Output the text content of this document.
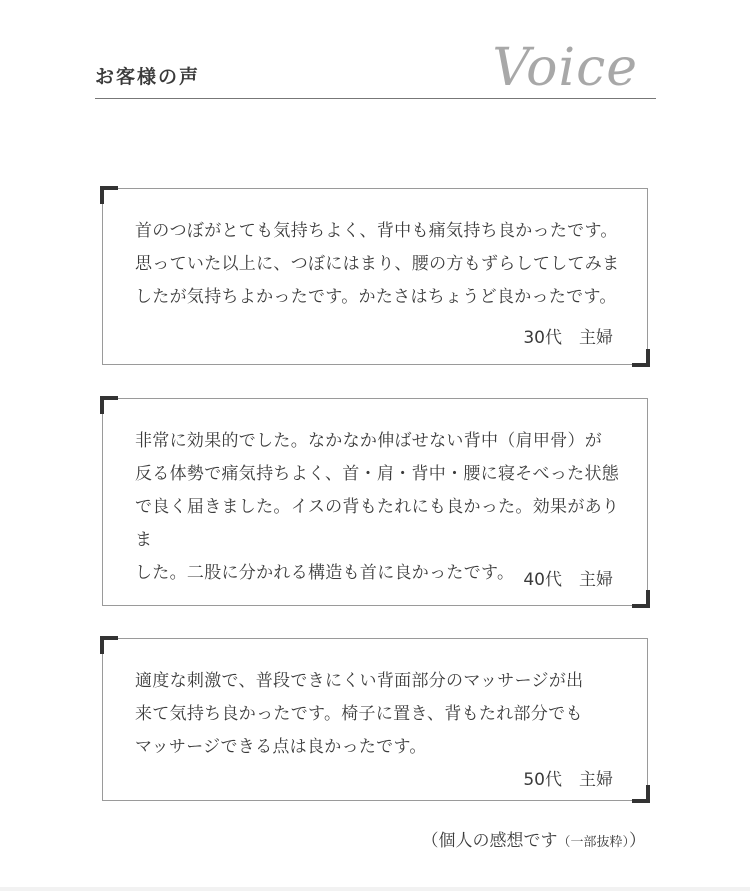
お客様の声	Voice
首のつぼがとても気持ちよく、背中も痛気持ち良かったです。
思っていた以上に、つぼにはまり、腰の方もずらしてしてみま
したが気持ちよかったです。かたさはちょうど良かったです。
30代　主婦
非常に効果的でした。なかなか伸ばせない背中（肩甲骨）が
反る体勢で痛気持ちよく、首・肩・背中・腰に寝そべった状態
で良く届きました。イスの背もたれにも良かった。効果がありま
した。二股に分かれる構造も首に良かったです。 40代　主婦
適度な刺激で、普段できにくい背面部分のマッサージが出
来て気持ち良かったです。椅子に置き、背もたれ部分でも
マッサージできる点は良かったです。
50代　主婦
（個人の感想です（一部抜粋））
